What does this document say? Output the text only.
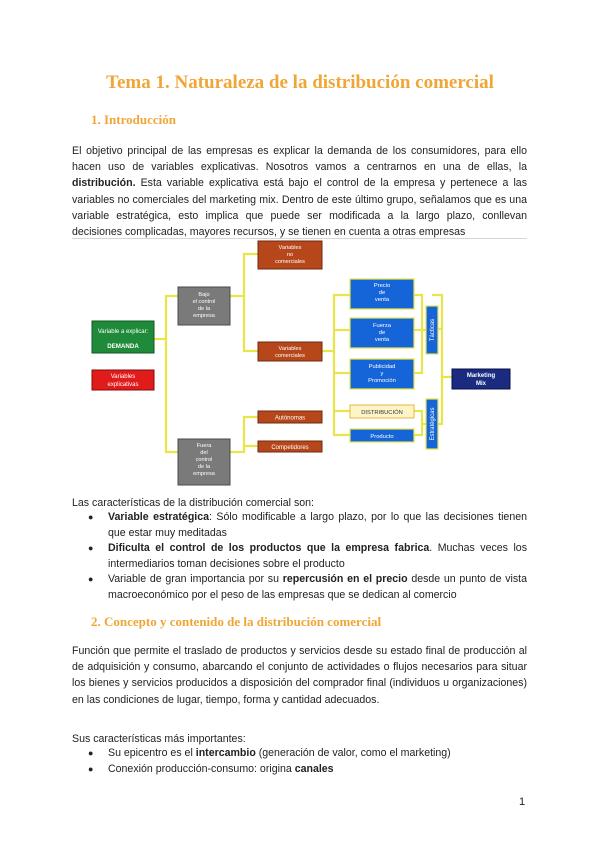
Tema 1. Naturaleza de la distribución comercial
1. Introducción

El objetivo principal de las empresas es explicar la demanda de los consumidores, para ello hacen uso de variables explicativas. Nosotros vamos a centrarnos en una de ellas, la distribución. Esta variable explicativa está bajo el control de la empresa y pertenece a las variables no comerciales del marketing mix. Dentro de este último grupo, señalamos que es una variable estratégica, esto implica que puede ser modificada a la largo plazo, conllevan decisiones complicadas, mayores recursos, y se tienen en cuenta a otras empresas

Variable a explicar:
DEMANDA
Variables
explicativas
Bajo
el control
de la
empresa
Fuera
del
control
de la
empresa
Variables
no
comerciales
Variables
comerciales
Autónomas
Competidores
Precio
de
venta
Fuerza
de
venta
Publicidad
y
Promoción
DISTRIBUCIÓN
Producto
Tácticas
Estratégicas
Marketing
Mix

Las características de la distribución comercial son:

● Variable estratégica: Sólo modificable a largo plazo, por lo que las decisiones tienen que estar muy meditadas
● Dificulta el control de los productos que la empresa fabrica. Muchas veces los intermediarios toman decisiones sobre el producto
● Variable de gran importancia por su repercusión en el precio desde un punto de vista macroeconómico por el peso de las empresas que se dedican al comercio
2. Concepto y contenido de la distribución comercial

Función que permite el traslado de productos y servicios desde su estado final de producción al de adquisición y consumo, abarcando el conjunto de actividades o flujos necesarios para situar los bienes y servicios producidos a disposición del comprador final (individuos u organizaciones) en las condiciones de lugar, tiempo, forma y cantidad adecuados.

Sus características más importantes:

● Su epicentro es el intercambio (generación de valor, como el marketing)
● Conexión producción-consumo: origina canales
1
